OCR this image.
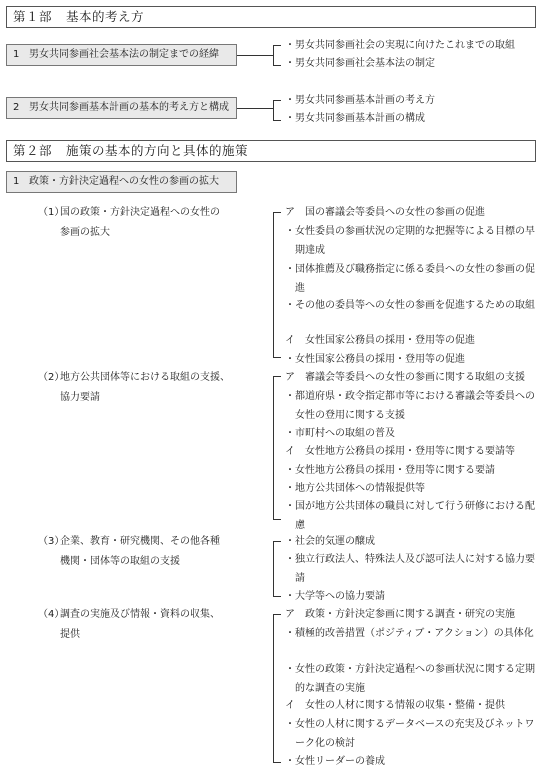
第１部 基本的考え方
1 男女共同参画社会基本法の制定までの経緯
・男女共同参画社会の実現に向けたこれまでの取組
・男女共同参画社会基本法の制定
2 男女共同参画基本計画の基本的考え方と構成
・男女共同参画基本計画の考え方
・男女共同参画基本計画の構成
第２部 施策の基本的方向と具体的施策
1 政策・方針決定過程への女性の参画の拡大
（1）
国の政策・方針決定過程への女性の
参画の拡大
ア 国の審議会等委員への女性の参画の促進
・女性委員の参画状況の定期的な把握等による目標の早期達成
・団体推薦及び職務指定に係る委員への女性の参画の促進
・その他の委員等への女性の参画を促進するための取組
イ 女性国家公務員の採用・登用等の促進
・女性国家公務員の採用・登用等の促進
（2）
地方公共団体等における取組の支援、
協力要請
ア 審議会等委員への女性の参画に関する取組の支援
・都道府県・政令指定都市等における審議会等委員への女性の登用に関する支援
・市町村への取組の普及
イ 女性地方公務員の採用・登用等に関する要請等
・女性地方公務員の採用・登用等に関する要請
・地方公共団体への情報提供等
・国が地方公共団体の職員に対して行う研修における配慮
（3）
企業、教育・研究機関、その他各種
機関・団体等の取組の支援
・社会的気運の醸成
・独立行政法人、特殊法人及び認可法人に対する協力要請
・大学等への協力要請
（4）
調査の実施及び情報・資料の収集、
提供
ア 政策・方針決定参画に関する調査・研究の実施
・積極的改善措置（ポジティブ・アクション）の具体化
・女性の政策・方針決定過程への参画状況に関する定期的な調査の実施
イ 女性の人材に関する情報の収集・整備・提供
・女性の人材に関するデータベースの充実及びネットワーク化の検討
・女性リーダーの養成
